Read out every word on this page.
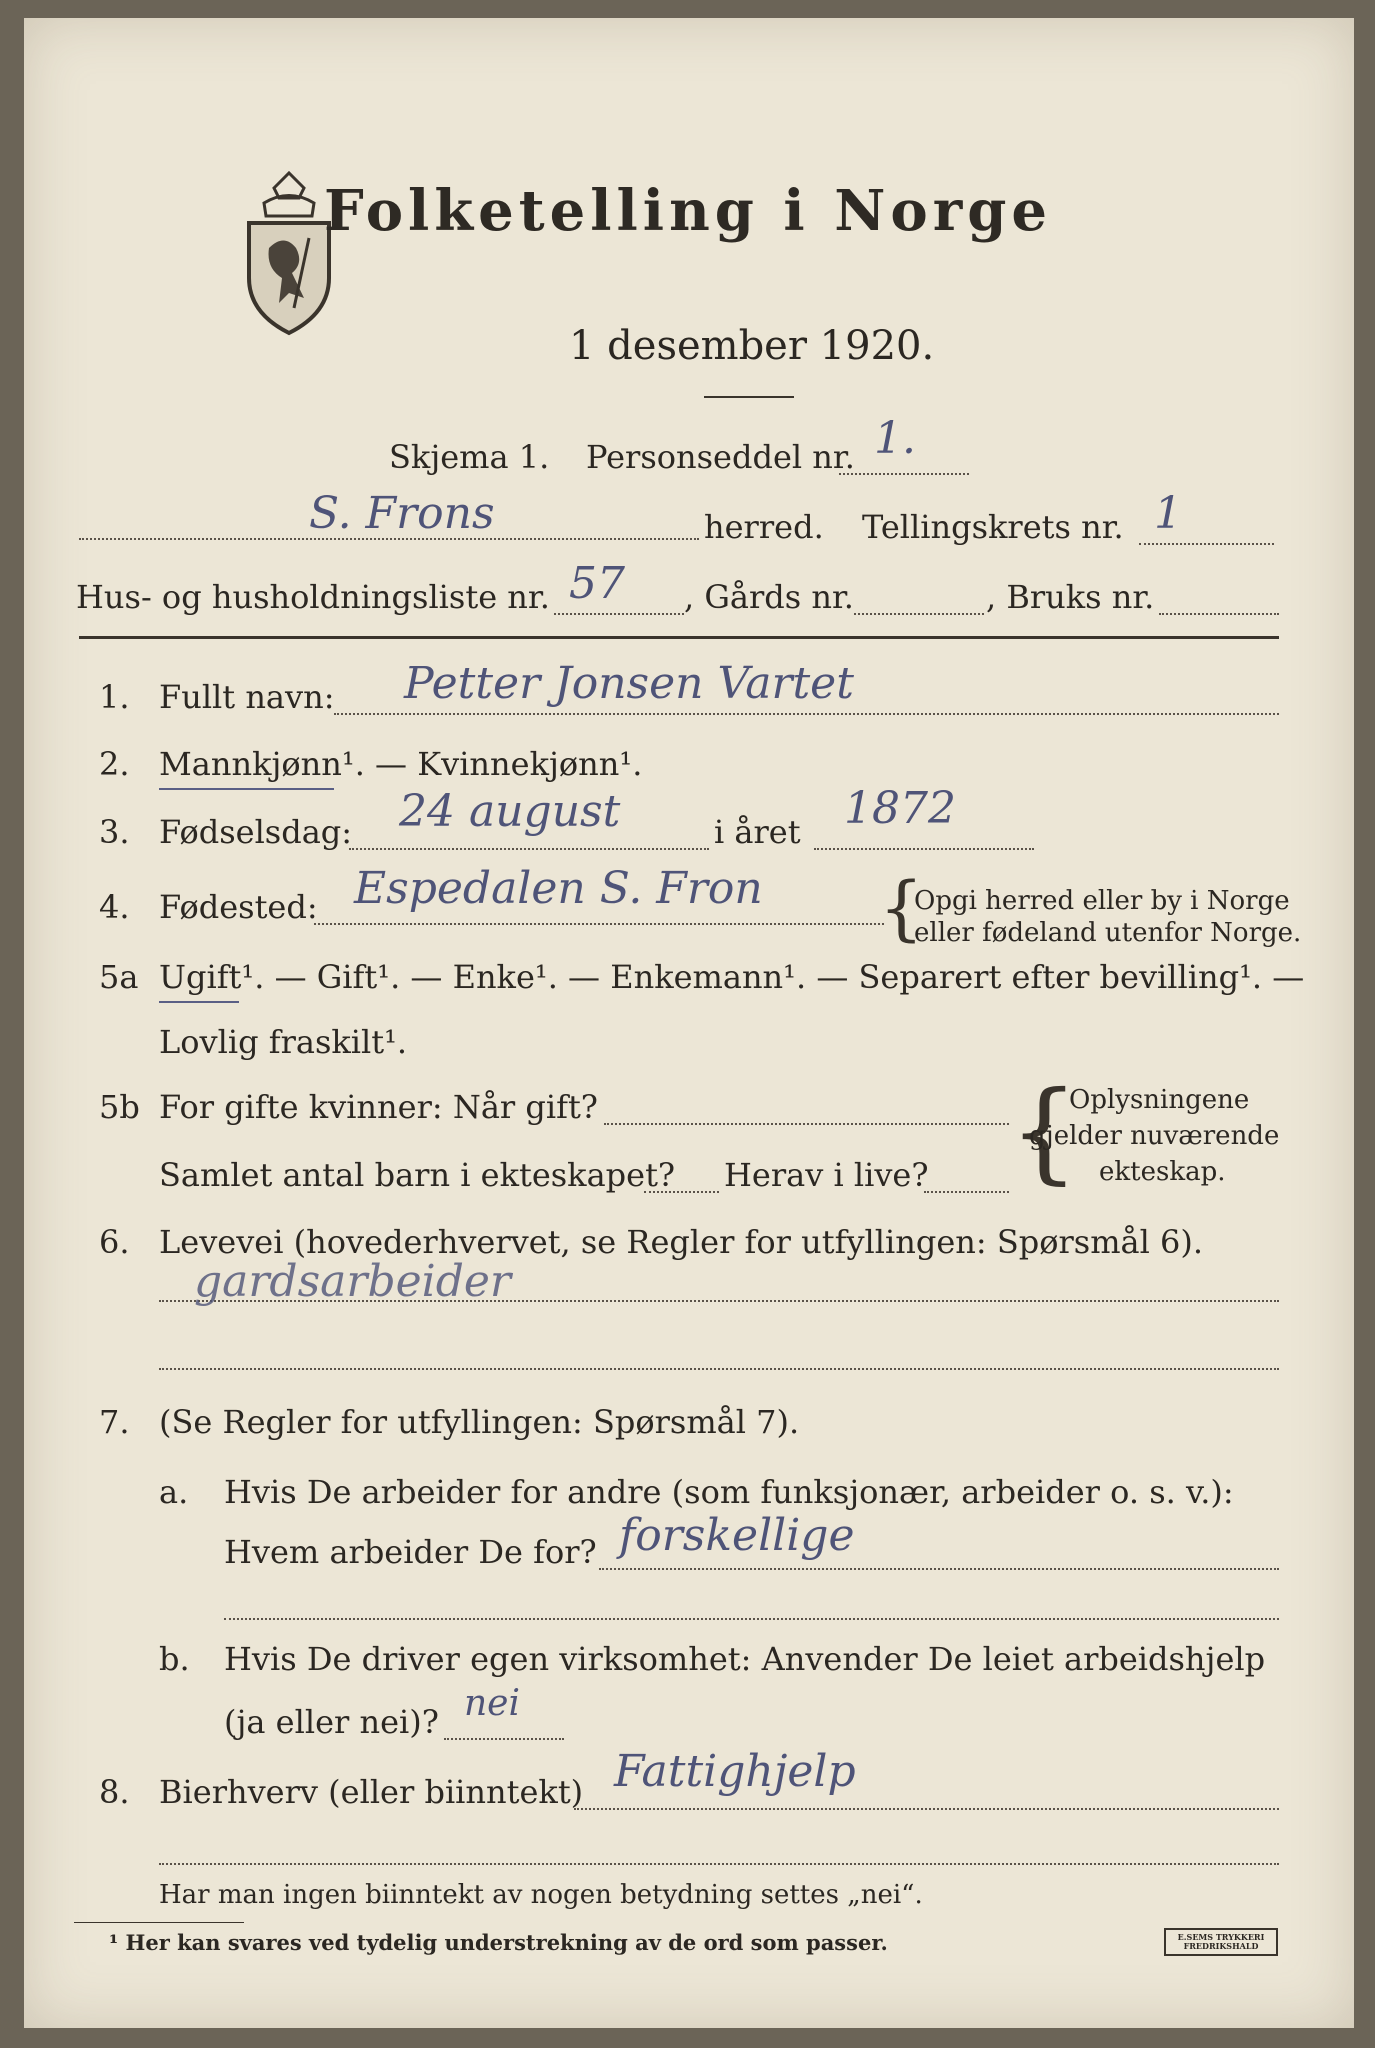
Folketelling i Norge
1 desember 1920.
Skjema 1. Personseddel nr. 1.
S. Frons	herred. Tellingskrets nr. 1
Hus- og husholdningsliste nr. 57 , Gårds nr.	, Bruks nr.
1. Fullt navn: Petter Jonsen Vartet
2. Mannkjønn¹. — Kvinnekjønn¹.
3. Fødselsdag: 24 august	i året 1872
4. Fødested: Espedalen S. Fron {
Opgi herred eller by i Norge
eller fødeland utenfor Norge.
5a Ugift¹. — Gift¹. — Enke¹. — Enkemann¹. — Separert efter bevilling¹. —
Lovlig fraskilt¹.
5b For gifte kvinner: Når gift?
Samlet antal barn i ekteskapet? Herav i live? {
Oplysningene
gjelder nuværende
ekteskap.
6. Levevei (hovederhvervet, se Regler for utfyllingen: Spørsmål 6).
gardsarbeider
7. (Se Regler for utfyllingen: Spørsmål 7).
a. Hvis De arbeider for andre (som funksjonær, arbeider o. s. v.):
Hvem arbeider De for? forskellige
b. Hvis De driver egen virksomhet: Anvender De leiet arbeidshjelp
(ja eller nei)? nei
8. Bierhverv (eller biinntekt) Fattighjelp
Har man ingen biinntekt av nogen betydning settes „nei“.
¹ Her kan svares ved tydelig understrekning av de ord som passer.	E.SEMS TRYKKERI FREDRIKSHALD
